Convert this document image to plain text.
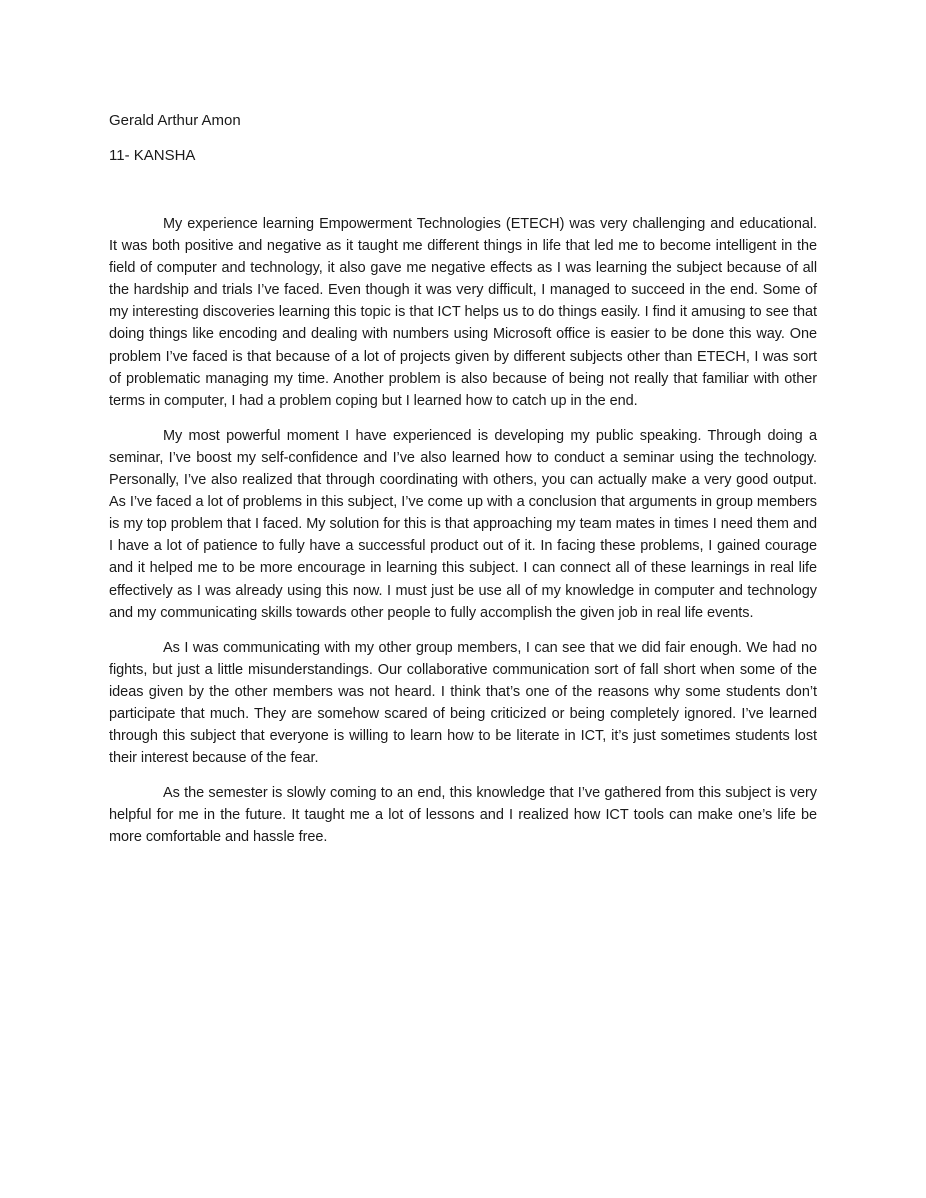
Gerald Arthur Amon

11- KANSHA

My experience learning Empowerment Technologies (ETECH) was very challenging and educational. It was both positive and negative as it taught me different things in life that led me to become intelligent in the field of computer and technology, it also gave me negative effects as I was learning the subject because of all the hardship and trials I’ve faced. Even though it was very difficult, I managed to succeed in the end. Some of my interesting discoveries learning this topic is that ICT helps us to do things easily. I find it amusing to see that doing things like encoding and dealing with numbers using Microsoft office is easier to be done this way. One problem I’ve faced is that because of a lot of projects given by different subjects other than ETECH, I was sort of problematic managing my time. Another problem is also because of being not really that familiar with other terms in computer, I had a problem coping but I learned how to catch up in the end.

My most powerful moment I have experienced is developing my public speaking. Through doing a seminar, I’ve boost my self-confidence and I’ve also learned how to conduct a seminar using the technology. Personally, I’ve also realized that through coordinating with others, you can actually make a very good output. As I’ve faced a lot of problems in this subject, I’ve come up with a conclusion that arguments in group members is my top problem that I faced. My solution for this is that approaching my team mates in times I need them and I have a lot of patience to fully have a successful product out of it. In facing these problems, I gained courage and it helped me to be more encourage in learning this subject. I can connect all of these learnings in real life effectively as I was already using this now. I must just be use all of my knowledge in computer and technology and my communicating skills towards other people to fully accomplish the given job in real life events.

As I was communicating with my other group members, I can see that we did fair enough. We had no fights, but just a little misunderstandings. Our collaborative communication sort of fall short when some of the ideas given by the other members was not heard. I think that’s one of the reasons why some students don’t participate that much. They are somehow scared of being criticized or being completely ignored. I’ve learned through this subject that everyone is willing to learn how to be literate in ICT, it’s just sometimes students lost their interest because of the fear.

As the semester is slowly coming to an end, this knowledge that I’ve gathered from this subject is very helpful for me in the future. It taught me a lot of lessons and I realized how ICT tools can make one’s life be more comfortable and hassle free.
